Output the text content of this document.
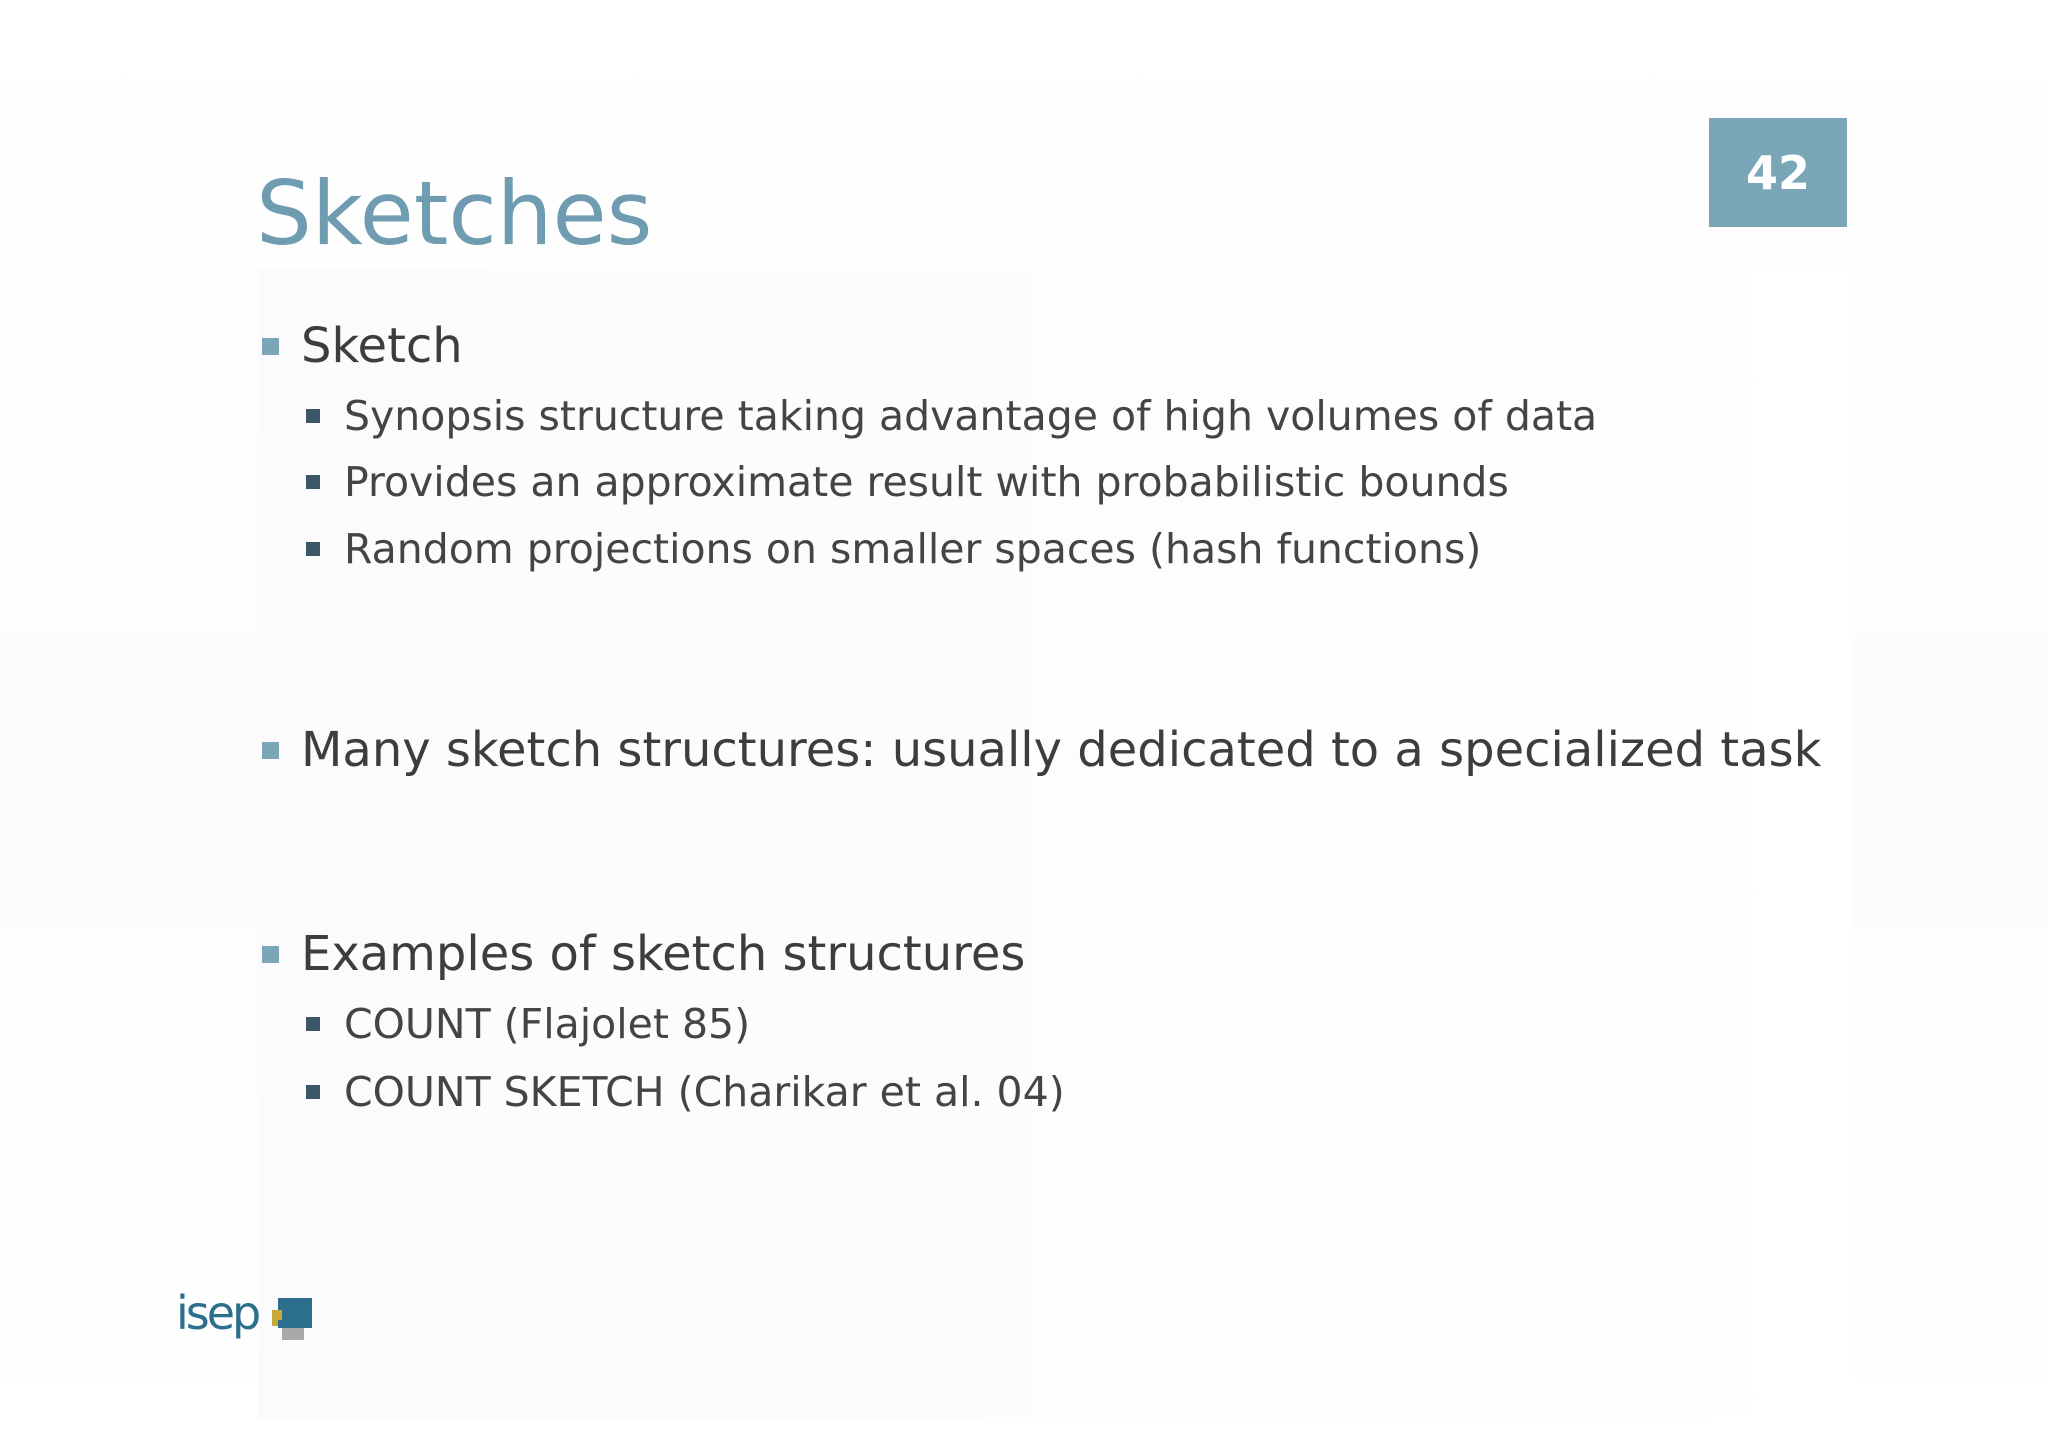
42
Sketches
Sketch
Synopsis structure taking advantage of high volumes of data
Provides an approximate result with probabilistic bounds
Random projections on smaller spaces (hash functions)
Many sketch structures: usually dedicated to a specialized task
Examples of sketch structures
COUNT (Flajolet 85)
COUNT SKETCH (Charikar et al. 04)
isep
